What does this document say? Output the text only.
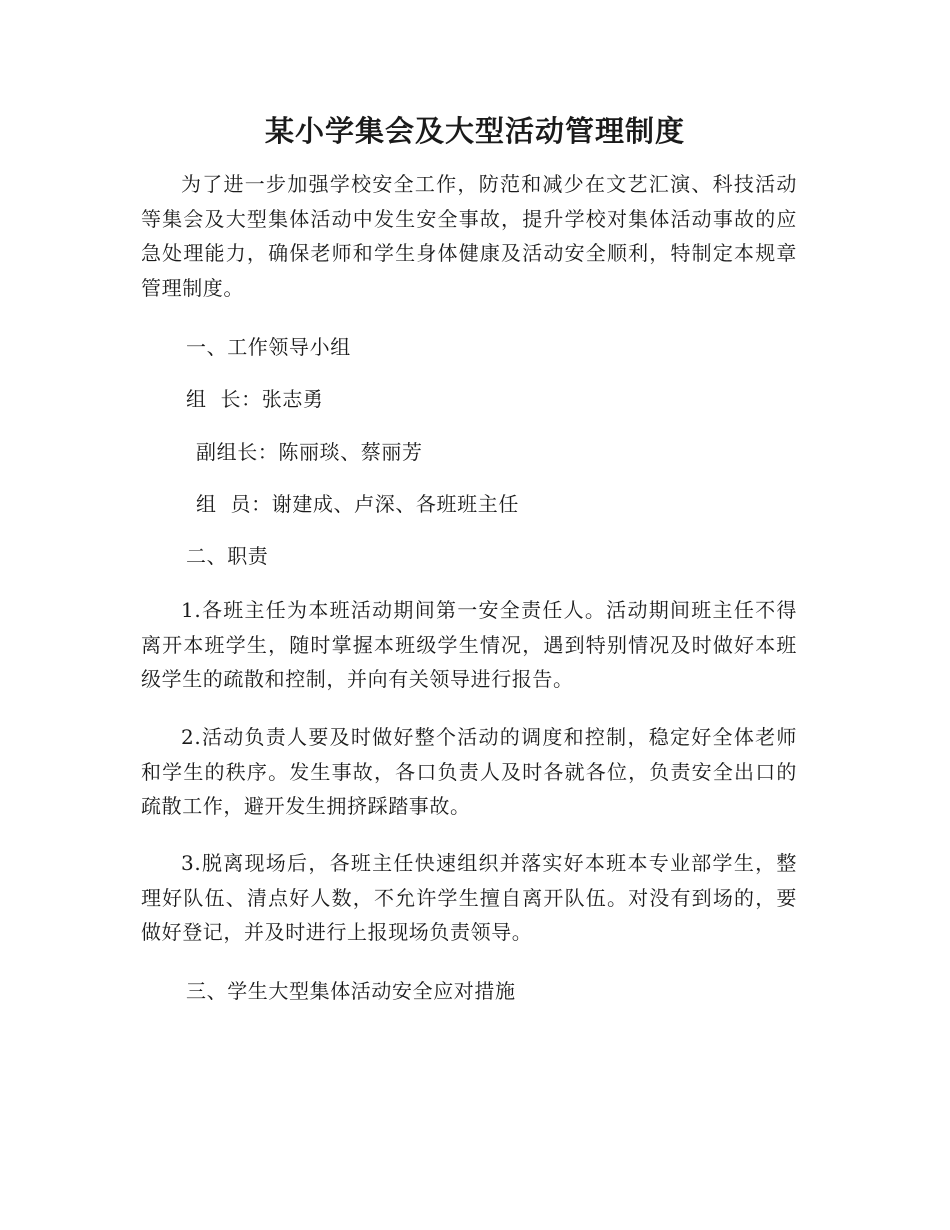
某小学集会及大型活动管理制度

为了进一步加强学校安全工作，防范和减少在文艺汇演、科技活动等集会及大型集体活动中发生安全事故，提升学校对集体活动事故的应急处理能力，确保老师和学生身体健康及活动安全顺利，特制定本规章管理制度。

一、工作领导小组

组  长：张志勇

副组长：陈丽琰、蔡丽芳

组  员：谢建成、卢深、各班班主任

二、职责

1.各班主任为本班活动期间第一安全责任人。活动期间班主任不得离开本班学生，随时掌握本班级学生情况，遇到特别情况及时做好本班级学生的疏散和控制，并向有关领导进行报告。

2.活动负责人要及时做好整个活动的调度和控制，稳定好全体老师和学生的秩序。发生事故，各口负责人及时各就各位，负责安全出口的疏散工作，避开发生拥挤踩踏事故。

3.脱离现场后，各班主任快速组织并落实好本班本专业部学生，整理好队伍、清点好人数，不允许学生擅自离开队伍。对没有到场的，要做好登记，并及时进行上报现场负责领导。

三、学生大型集体活动安全应对措施
